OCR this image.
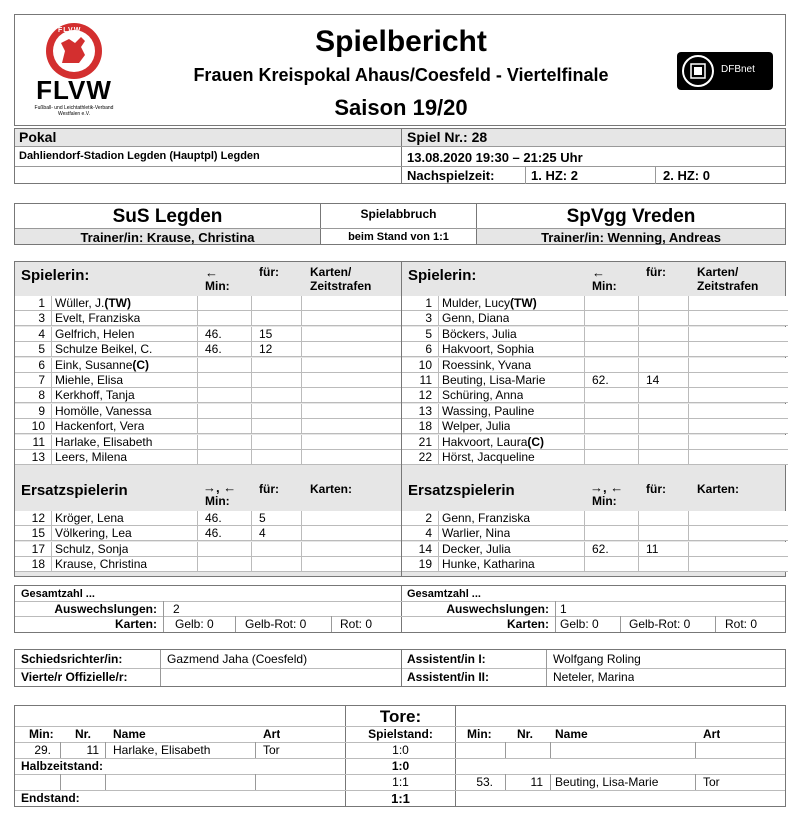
FLVW
FLVW
Fußball- und Leichtathletik-Verband
Westfalen e.V.
Spielbericht
Frauen Kreispokal Ahaus/Coesfeld - Viertelfinale
Saison 19/20
DFBnet
Pokal
Dahliendorf-Stadion Legden (Hauptpl) Legden
Spiel Nr.: 28
13.08.2020 19:30 – 21:25 Uhr
Nachspielzeit:	1. HZ: 2	2. HZ: 0
SuS Legden
Trainer/in: Krause, Christina
Spielabbruch
beim Stand von 1:1
SpVgg Vreden
Trainer/in: Wenning, Andreas
Spielerin:	←
Min:
für:	Karten/
Zeitstrafen
1 Wüller, J.(TW)
3 Evelt, Franziska
4 Gelfrich, Helen	46.	15
5 Schulze Beikel, C.	46.	12
6 Eink, Susanne(C)
7 Miehle, Elisa
8 Kerkhoff, Tanja
9 Homölle, Vanessa
10 Hackenfort, Vera
11 Harlake, Elisabeth
13 Leers, Milena
Ersatzspielerin	→, ←
Min:
für:	Karten:
12 Kröger, Lena	46.	5
15 Völkering, Lea	46.	4
17 Schulz, Sonja
18 Krause, Christina
Spielerin:	←
Min:
für:	Karten/
Zeitstrafen
1 Mulder, Lucy(TW)
3 Genn, Diana
5 Böckers, Julia
6 Hakvoort, Sophia
10 Roessink, Yvana
11 Beuting, Lisa-Marie	62.	14
12 Schüring, Anna
13 Wassing, Pauline
18 Welper, Julia
21 Hakvoort, Laura(C)
22 Hörst, Jacqueline
Ersatzspielerin	→, ←
Min:
für:	Karten:
2 Genn, Franziska
4 Warlier, Nina
14 Decker, Julia	62.	11
19 Hunke, Katharina
Gesamtzahl ...
Auswechslungen: 2
Karten: Gelb: 0	Gelb-Rot: 0	Rot: 0
Gesamtzahl ...
Auswechslungen: 1
Karten: Gelb: 0	Gelb-Rot: 0	Rot: 0
Schiedsrichter/in:	Gazmend Jaha (Coesfeld)
Vierte/r Offizielle/r:
Assistent/in I:	Wolfgang Roling
Assistent/in II:	Neteler, Marina
Tore:
Min: Nr. Name	Art	Spielstand:	Min: Nr. Name	Art
29.	11 Harlake, Elisabeth	Tor	1:0
Halbzeitstand:	1:0
1:1	53.	11 Beuting, Lisa-Marie	Tor
Endstand:	1:1
